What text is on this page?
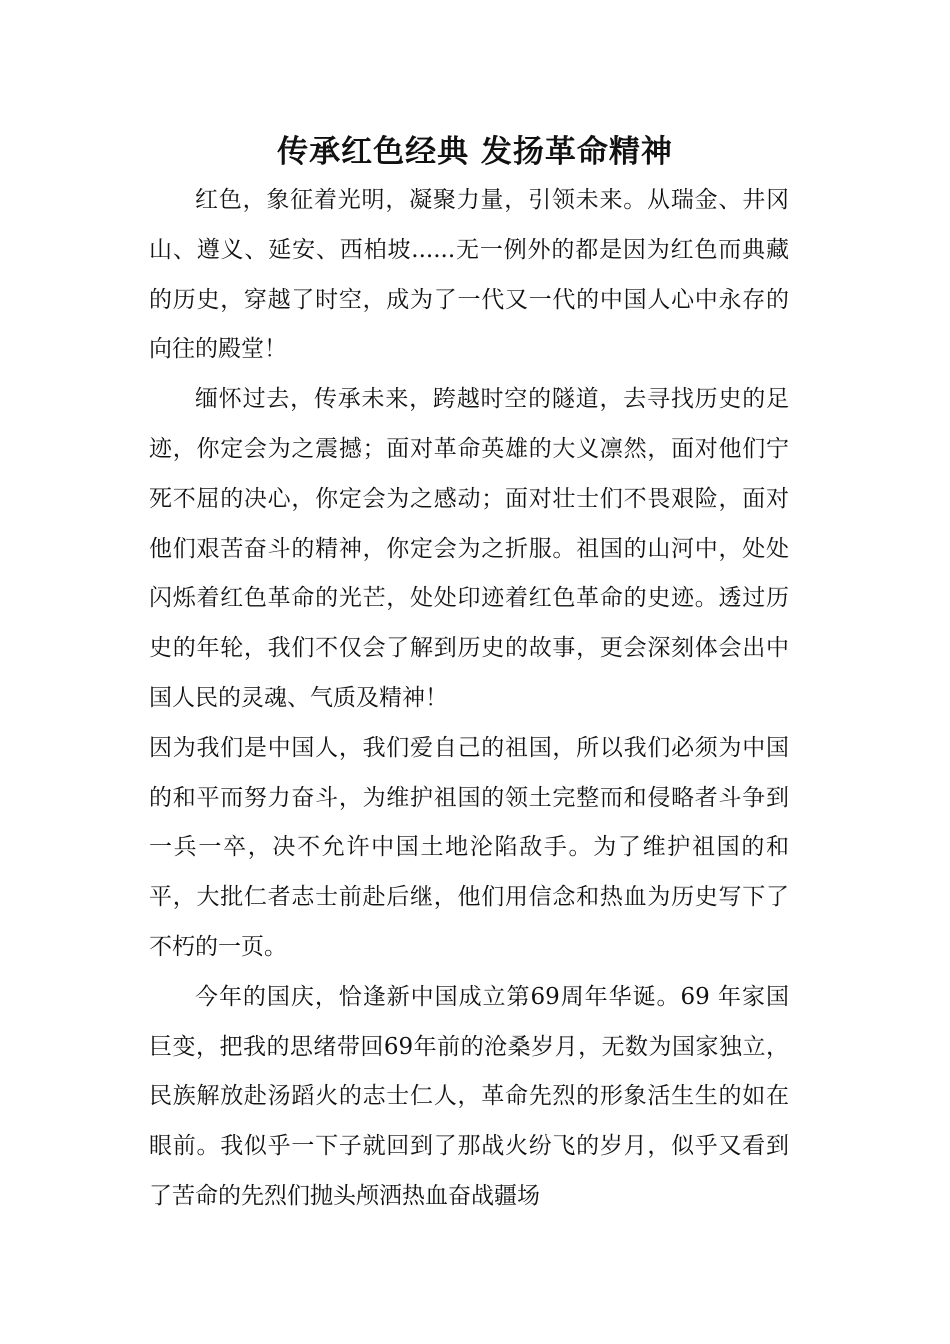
传承红色经典 发扬革命精神

红色，象征着光明，凝聚力量，引领未来。从瑞金、井冈山、遵义、延安、西柏坡......无一例外的都是因为红色而典藏的历史，穿越了时空，成为了一代又一代的中国人心中永存的向往的殿堂！

缅怀过去，传承未来，跨越时空的隧道，去寻找历史的足迹，你定会为之震撼；面对革命英雄的大义凛然，面对他们宁死不屈的决心，你定会为之感动；面对壮士们不畏艰险，面对他们艰苦奋斗的精神，你定会为之折服。祖国的山河中，处处闪烁着红色革命的光芒，处处印迹着红色革命的史迹。透过历史的年轮，我们不仅会了解到历史的故事，更会深刻体会出中国人民的灵魂、气质及精神！

因为我们是中国人，我们爱自己的祖国，所以我们必须为中国的和平而努力奋斗，为维护祖国的领土完整而和侵略者斗争到一兵一卒，决不允许中国土地沦陷敌手。为了维护祖国的和平，大批仁者志士前赴后继，他们用信念和热血为历史写下了不朽的一页。

今年的国庆，恰逢新中国成立第69周年华诞。69 年家国巨变，把我的思绪带回69年前的沧桑岁月，无数为国家独立，民族解放赴汤蹈火的志士仁人，革命先烈的形象活生生的如在眼前。我似乎一下子就回到了那战火纷飞的岁月，似乎又看到了苦命的先烈们抛头颅洒热血奋战疆场
